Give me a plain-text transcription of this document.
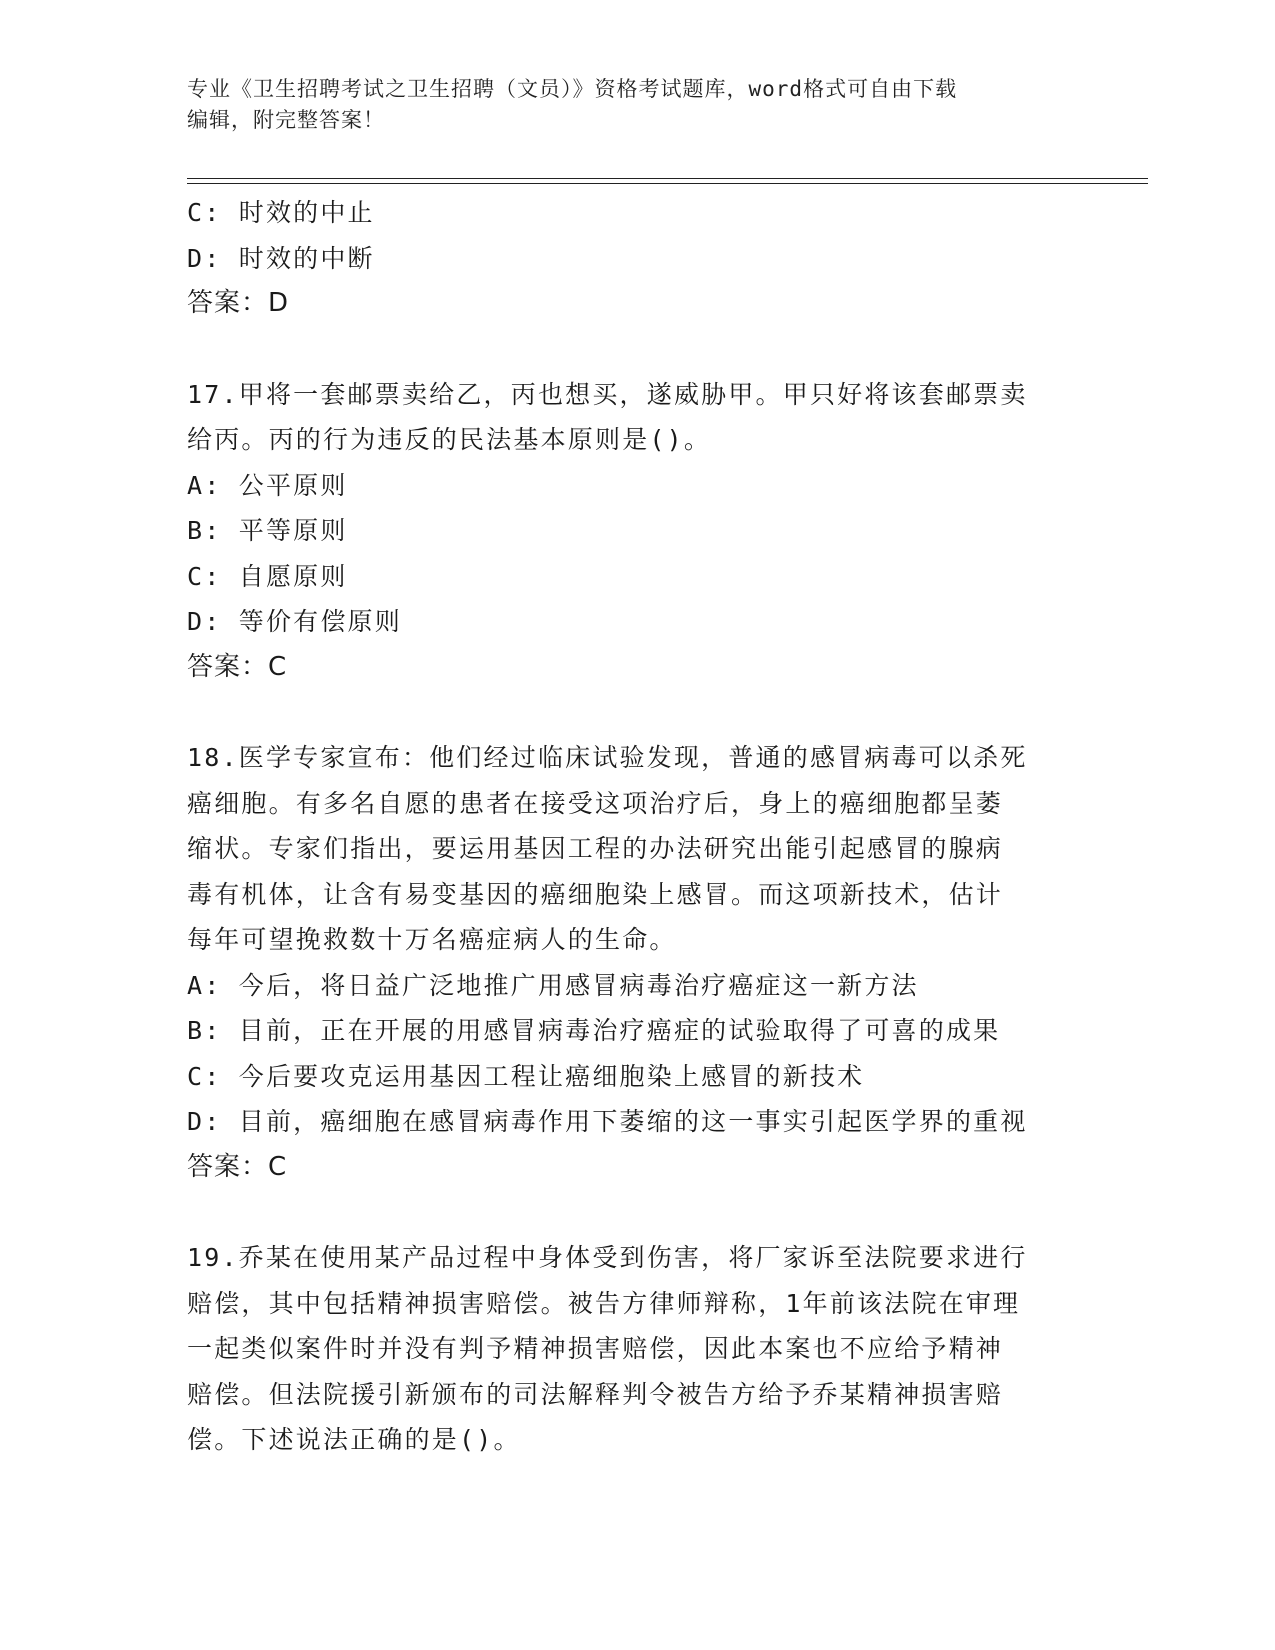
专业《卫生招聘考试之卫生招聘（文员）》资格考试题库，word格式可自由下载
编辑，附完整答案！
C: 时效的中止
D: 时效的中断
答案：D
17.甲将一套邮票卖给乙，丙也想买，遂威胁甲。甲只好将该套邮票卖
给丙。丙的行为违反的民法基本原则是()。
A: 公平原则
B: 平等原则
C: 自愿原则
D: 等价有偿原则
答案：C
18.医学专家宣布：他们经过临床试验发现，普通的感冒病毒可以杀死
癌细胞。有多名自愿的患者在接受这项治疗后，身上的癌细胞都呈萎
缩状。专家们指出，要运用基因工程的办法研究出能引起感冒的腺病
毒有机体，让含有易变基因的癌细胞染上感冒。而这项新技术，估计
每年可望挽救数十万名癌症病人的生命。
A: 今后，将日益广泛地推广用感冒病毒治疗癌症这一新方法
B: 目前，正在开展的用感冒病毒治疗癌症的试验取得了可喜的成果
C: 今后要攻克运用基因工程让癌细胞染上感冒的新技术
D: 目前，癌细胞在感冒病毒作用下萎缩的这一事实引起医学界的重视
答案：C
19.乔某在使用某产品过程中身体受到伤害，将厂家诉至法院要求进行
赔偿，其中包括精神损害赔偿。被告方律师辩称，1年前该法院在审理
一起类似案件时并没有判予精神损害赔偿，因此本案也不应给予精神
赔偿。但法院援引新颁布的司法解释判令被告方给予乔某精神损害赔
偿。下述说法正确的是()。
